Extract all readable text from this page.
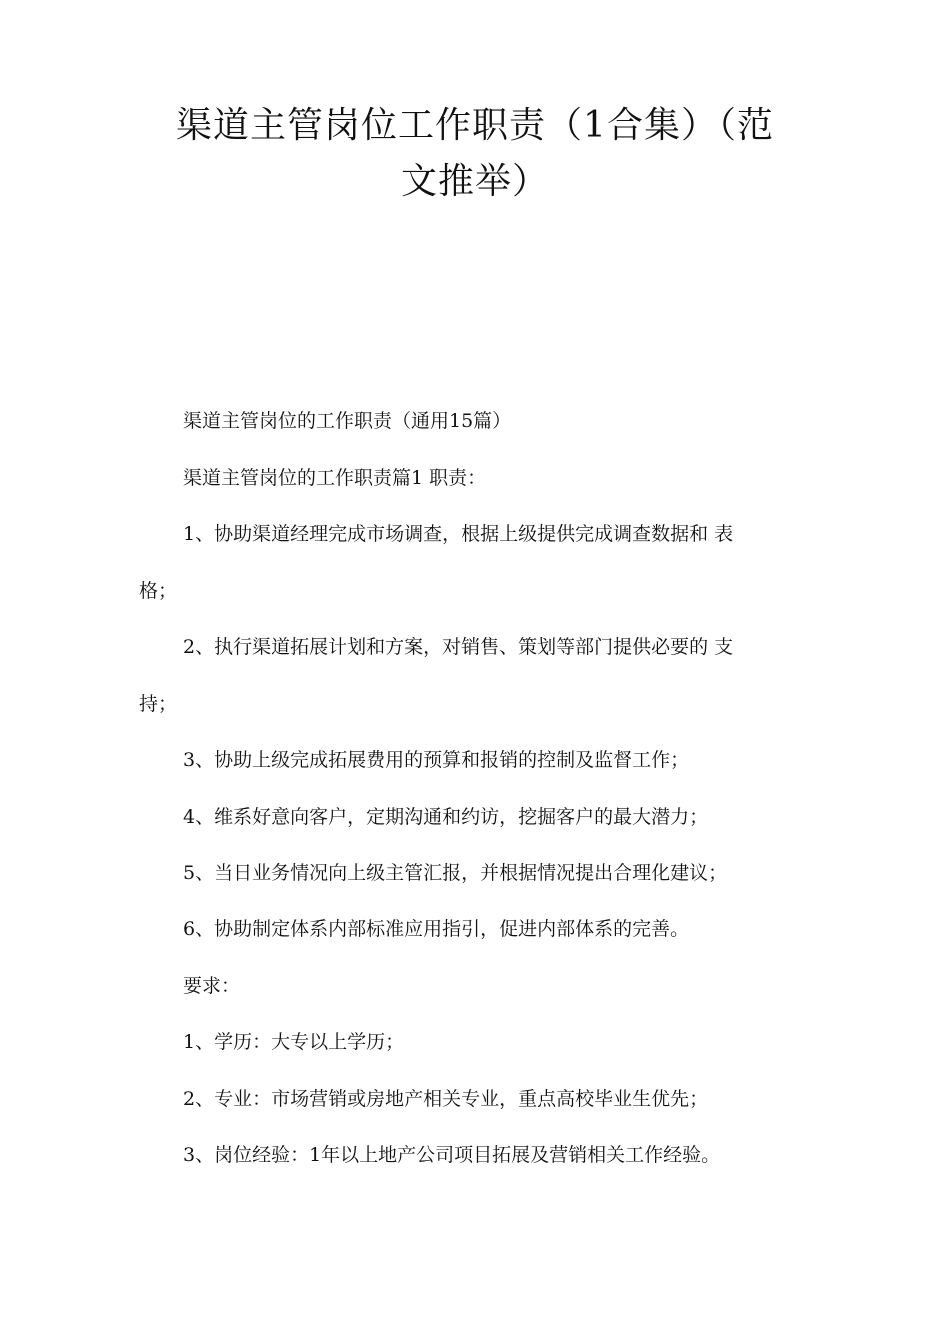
渠道主管岗位工作职责（1合集）（范
文推举）
渠道主管岗位的工作职责（通用15篇）
渠道主管岗位的工作职责篇1 职责：
1、协助渠道经理完成市场调查，根据上级提供完成调查数据和 表
格；
2、执行渠道拓展计划和方案，对销售、策划等部门提供必要的 支
持；
3、协助上级完成拓展费用的预算和报销的控制及监督工作；
4、维系好意向客户，定期沟通和约访，挖掘客户的最大潜力；
5、当日业务情况向上级主管汇报，并根据情况提出合理化建议；
6、协助制定体系内部标准应用指引，促进内部体系的完善。
要求：
1、学历：大专以上学历；
2、专业：市场营销或房地产相关专业，重点高校毕业生优先；
3、岗位经验：1年以上地产公司项目拓展及营销相关工作经验。
